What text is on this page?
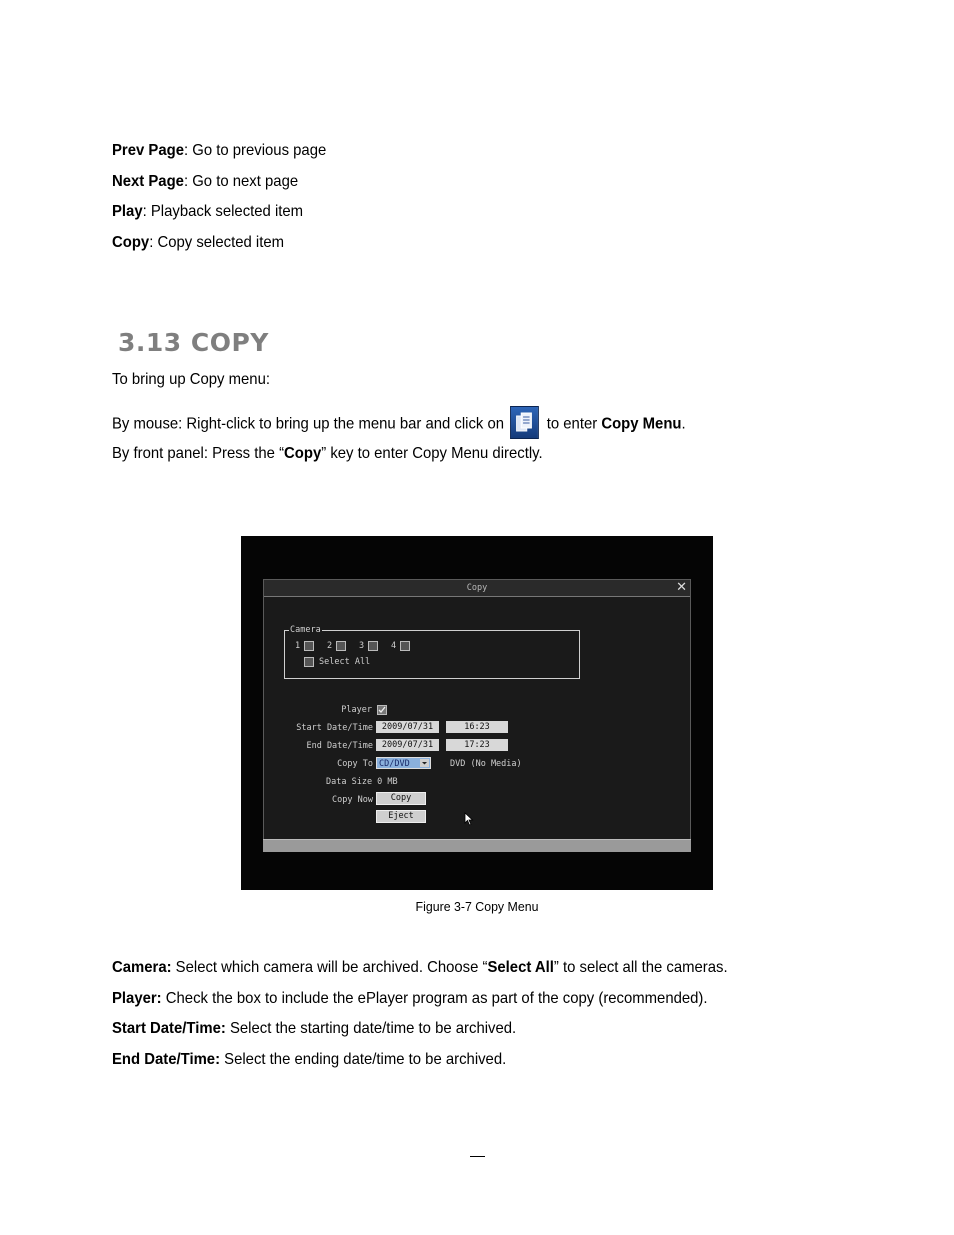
Prev Page: Go to previous page
Next Page: Go to next page
Play: Playback selected item
Copy: Copy selected item
3.13 COPY
To bring up Copy menu:
By mouse: Right-click to bring up the menu bar and click on	to enter Copy Menu.
By front panel: Press the “Copy” key to enter Copy Menu directly.
Copy	✕
Camera
1	2	3	4
Select All
Player
Start Date/Time	2009/07/31	16:23
End Date/Time	2009/07/31	17:23
Copy To CD/DVD	DVD (No Media)
Data Size 0 MB
Copy Now	Copy
Eject
Figure 3-7 Copy Menu
Camera: Select which camera will be archived. Choose “Select All” to select all the cameras.
Player: Check the box to include the ePlayer program as part of the copy (recommended).
Start Date/Time: Select the starting date/time to be archived.
End Date/Time: Select the ending date/time to be archived.
